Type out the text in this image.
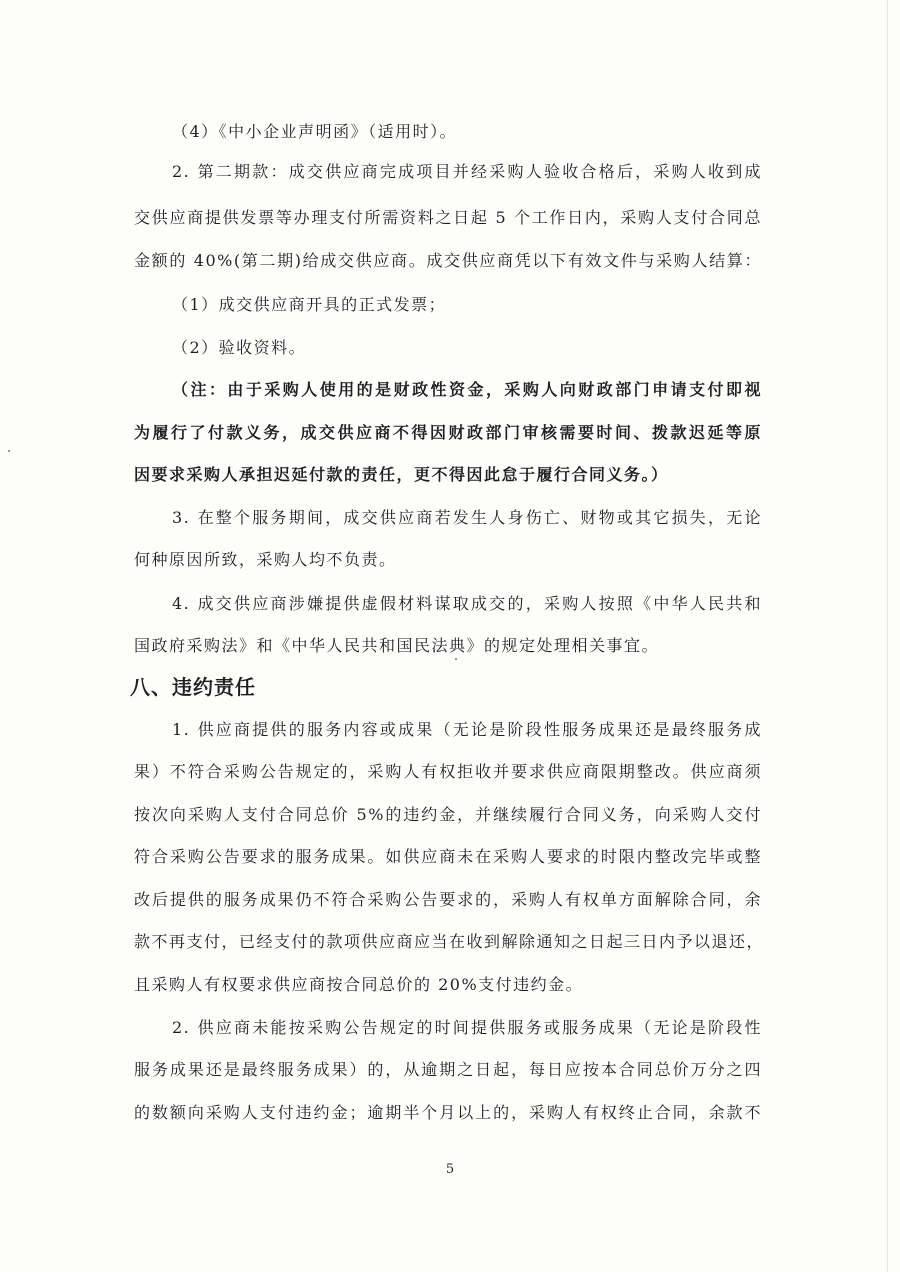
（4）《中小企业声明函》（适用时）。
2. 第二期款：成交供应商完成项目并经采购人验收合格后，采购人收到成
交供应商提供发票等办理支付所需资料之日起 5 个工作日内，采购人支付合同总
金额的 40%(第二期)给成交供应商。成交供应商凭以下有效文件与采购人结算：
（1）成交供应商开具的正式发票；
（2）验收资料。
（注：由于采购人使用的是财政性资金，采购人向财政部门申请支付即视
为履行了付款义务，成交供应商不得因财政部门审核需要时间、拨款迟延等原
因要求采购人承担迟延付款的责任，更不得因此怠于履行合同义务。）
3. 在整个服务期间，成交供应商若发生人身伤亡、财物或其它损失，无论
何种原因所致，采购人均不负责。
4. 成交供应商涉嫌提供虚假材料谋取成交的，采购人按照《中华人民共和
国政府采购法》和《中华人民共和国民法典》的规定处理相关事宜。
八、违约责任
1. 供应商提供的服务内容或成果（无论是阶段性服务成果还是最终服务成
果）不符合采购公告规定的，采购人有权拒收并要求供应商限期整改。供应商须
按次向采购人支付合同总价 5%的违约金，并继续履行合同义务，向采购人交付
符合采购公告要求的服务成果。如供应商未在采购人要求的时限内整改完毕或整
改后提供的服务成果仍不符合采购公告要求的，采购人有权单方面解除合同，余
款不再支付，已经支付的款项供应商应当在收到解除通知之日起三日内予以退还，
且采购人有权要求供应商按合同总价的 20%支付违约金。
2. 供应商未能按采购公告规定的时间提供服务或服务成果（无论是阶段性
服务成果还是最终服务成果）的，从逾期之日起，每日应按本合同总价万分之四
的数额向采购人支付违约金；逾期半个月以上的，采购人有权终止合同，余款不
5
